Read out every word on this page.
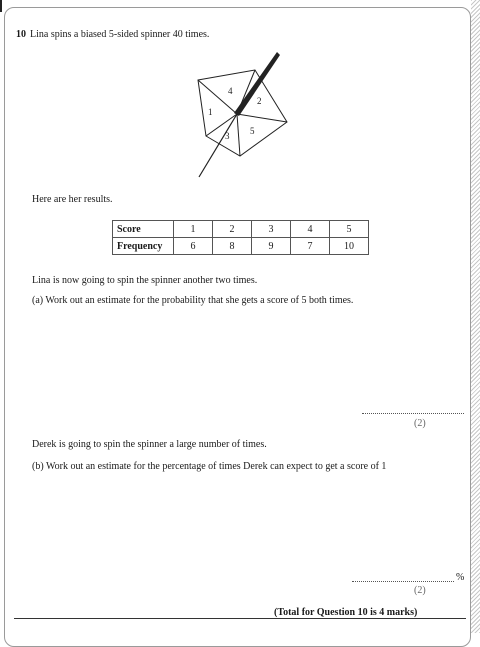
10 Lina spins a biased 5-sided spinner 40 times.
1
2
3
4
5
Here are her results.
Score	1	2	3	4	5
Frequency	6	8	9	7	10
Lina is now going to spin the spinner another two times.
(a) Work out an estimate for the probability that she gets a score of 5 both times.
(2)
Derek is going to spin the spinner a large number of times.
(b) Work out an estimate for the percentage of times Derek can expect to get a score of 1
%
(2)
(Total for Question 10 is 4 marks)
